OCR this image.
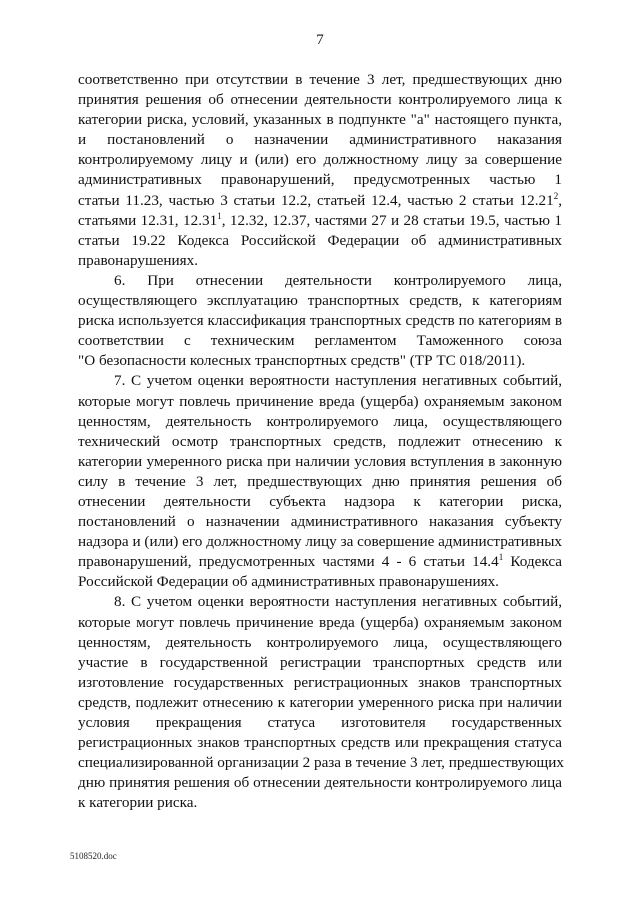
7
соответственно при отсутствии в течение 3 лет, предшествующих дню
принятия решения об отнесении деятельности контролируемого лица к
категории риска, условий, указанных в подпункте "а" настоящего пункта,
и постановлений о назначении административного наказания
контролируемому лицу и (или) его должностному лицу за совершение
административных правонарушений, предусмотренных частью 1
статьи 11.23, частью 3 статьи 12.2, статьей 12.4, частью 2 статьи 12.21$^2$,
статьями 12.31, 12.31$^1$, 12.32, 12.37, частями 27 и 28 статьи 19.5, частью 1
статьи 19.22 Кодекса Российской Федерации об административных
правонарушениях.
6. При отнесении деятельности контролируемого лица,
осуществляющего эксплуатацию транспортных средств, к категориям
риска используется классификация транспортных средств по категориям в
соответствии с техническим регламентом Таможенного союза
"О безопасности колесных транспортных средств" (ТР ТС 018/2011).
7. С учетом оценки вероятности наступления негативных событий,
которые могут повлечь причинение вреда (ущерба) охраняемым законом
ценностям, деятельность контролируемого лица, осуществляющего
технический осмотр транспортных средств, подлежит отнесению к
категории умеренного риска при наличии условия вступления в законную
силу в течение 3 лет, предшествующих дню принятия решения об
отнесении деятельности субъекта надзора к категории риска,
постановлений о назначении административного наказания субъекту
надзора и (или) его должностному лицу за совершение административных
правонарушений, предусмотренных частями 4 - 6 статьи 14.4$^1$ Кодекса
Российской Федерации об административных правонарушениях.
8. С учетом оценки вероятности наступления негативных событий,
которые могут повлечь причинение вреда (ущерба) охраняемым законом
ценностям, деятельность контролируемого лица, осуществляющего
участие в государственной регистрации транспортных средств или
изготовление государственных регистрационных знаков транспортных
средств, подлежит отнесению к категории умеренного риска при наличии
условия прекращения статуса изготовителя государственных
регистрационных знаков транспортных средств или прекращения статуса
специализированной организации 2 раза в течение 3 лет, предшествующих
дню принятия решения об отнесении деятельности контролируемого лица
к категории риска.
5108520.doc
